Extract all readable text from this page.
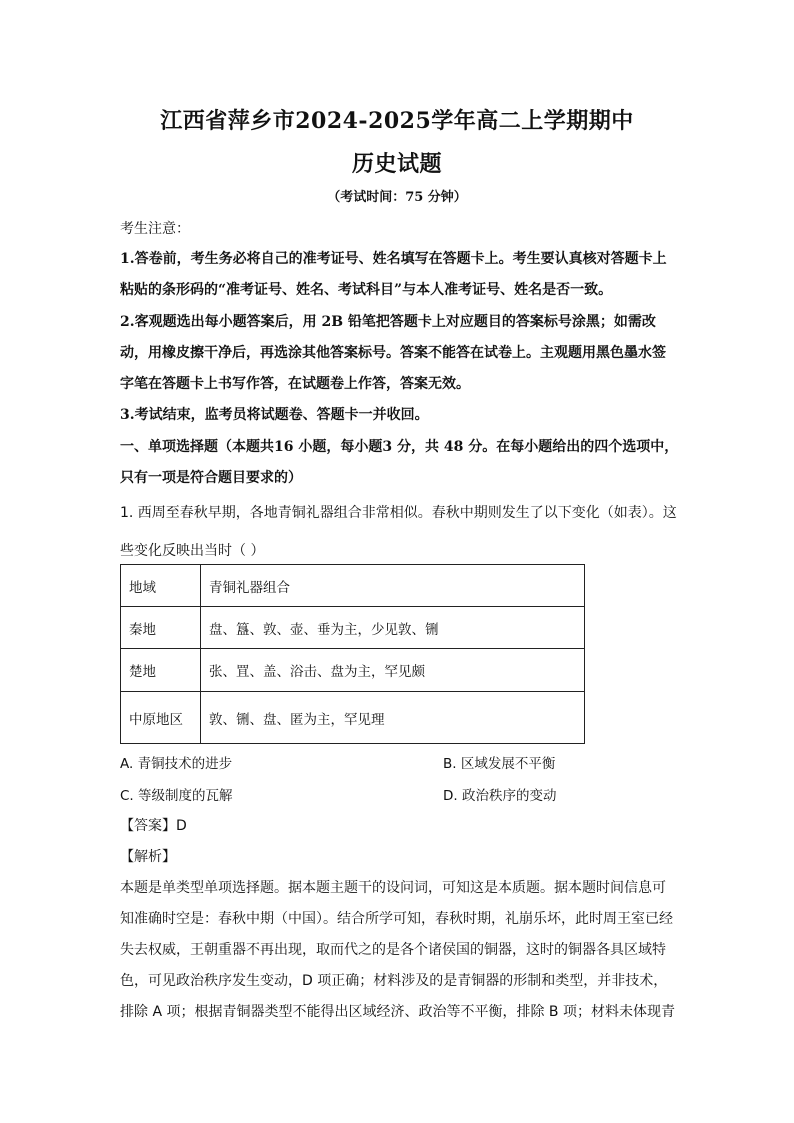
江西省萍乡市2024-2025学年高二上学期期中
历史试题
（考试时间：75 分钟）
考生注意：
1.答卷前，考生务必将自己的准考证号、姓名填写在答题卡上。考生要认真核对答题卡上
粘贴的条形码的“准考证号、姓名、考试科目”与本人准考证号、姓名是否一致。
2.客观题选出每小题答案后，用 2B 铅笔把答题卡上对应题目的答案标号涂黑；如需改
动，用橡皮擦干净后，再选涂其他答案标号。答案不能答在试卷上。主观题用黑色墨水签
字笔在答题卡上书写作答，在试题卷上作答，答案无效。
3.考试结束，监考员将试题卷、答题卡一并收回。
一、单项选择题（本题共16 小题，每小题3 分，共 48 分。在每小题给出的四个选项中，
只有一项是符合题目要求的）
1. 西周至春秋早期，各地青铜礼器组合非常相似。春秋中期则发生了以下变化（如表）。这
些变化反映出当时（ ）
地域	青铜礼器组合
秦地	盘、簋、敦、壶、垂为主，少见敦、铏
楚地	张、罝、盖、浴击、盘为主，罕见颇
中原地区	敦、铏、盘、匿为主，罕见理
A. 青铜技术的进步	B. 区域发展不平衡
C. 等级制度的瓦解	D. 政治秩序的变动
【答案】D
【解析】
本题是单类型单项选择题。据本题主题干的设问词，可知这是本质题。据本题时间信息可
知准确时空是：春秋中期（中国）。结合所学可知，春秋时期，礼崩乐坏，此时周王室已经
失去权威，王朝重器不再出现，取而代之的是各个诸侯国的铜器，这时的铜器各具区域特
色，可见政治秩序发生变动，D 项正确；材料涉及的是青铜器的形制和类型，并非技术，
排除 A 项；根据青铜器类型不能得出区域经济、政治等不平衡，排除 B 项；材料未体现青
